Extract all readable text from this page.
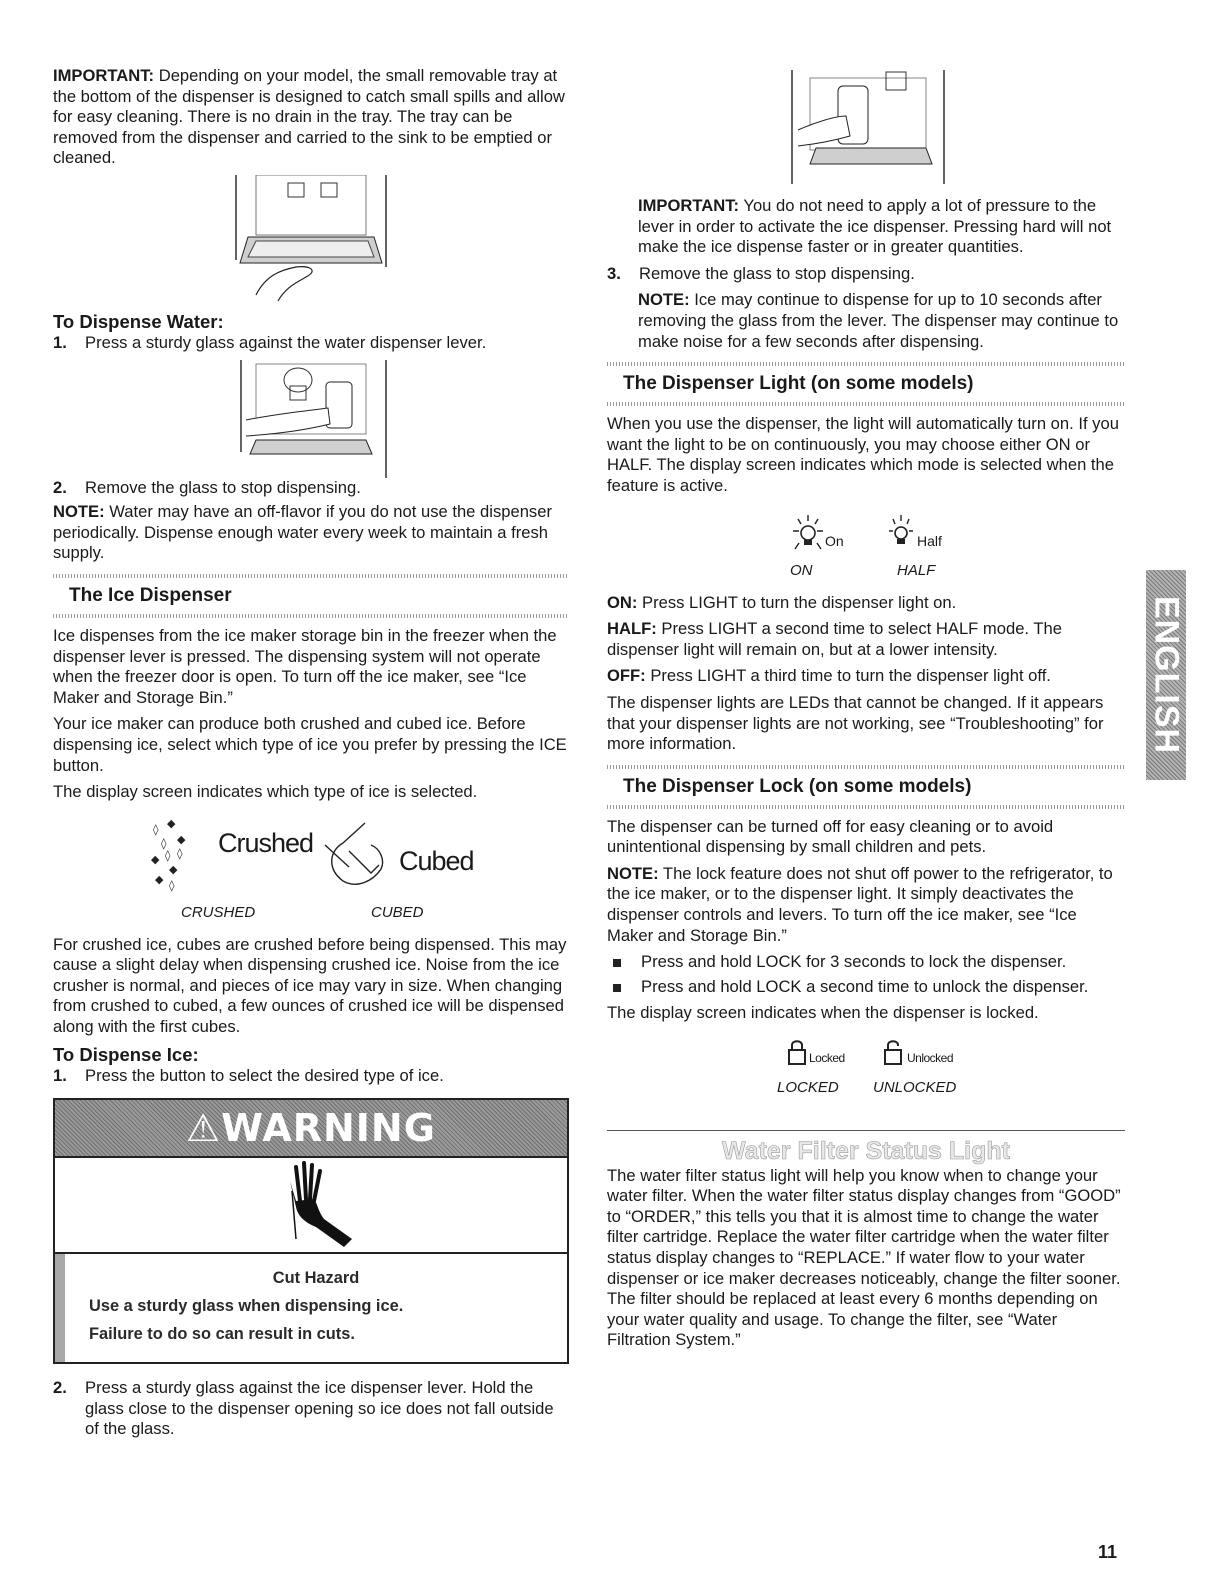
IMPORTANT: Depending on your model, the small removable tray at the bottom of the dispenser is designed to catch small spills and allow for easy cleaning. There is no drain in the tray. The tray can be removed from the dispenser and carried to the sink to be emptied or cleaned.

To Dispense Water:

1.	Press a sturdy glass against the water dispenser lever.
2.	Remove the glass to stop dispensing.

NOTE: Water may have an off-flavor if you do not use the dispenser periodically. Dispense enough water every week to maintain a fresh supply.

The Ice Dispenser

Ice dispenses from the ice maker storage bin in the freezer when the dispenser lever is pressed. The dispensing system will not operate when the freezer door is open. To turn off the ice maker, see “Ice Maker and Storage Bin.”

Your ice maker can produce both crushed and cubed ice. Before dispensing ice, select which type of ice you prefer by pressing the ICE button.

The display screen indicates which type of ice is selected.

◊ ◆
◊ ◆
◆ ◊ ◊
◆
◆ ◊
Crushed
Cubed
CRUSHED	CUBED

For crushed ice, cubes are crushed before being dispensed. This may cause a slight delay when dispensing crushed ice. Noise from the ice crusher is normal, and pieces of ice may vary in size. When changing from crushed to cubed, a few ounces of crushed ice will be dispensed along with the first cubes.

To Dispense Ice:

1.	Press the button to select the desired type of ice.
⚠WARNING

Cut Hazard

Use a sturdy glass when dispensing ice.

Failure to do so can result in cuts.

2.	Press a sturdy glass against the ice dispenser lever. Hold the glass close to the dispenser opening so ice does not fall outside of the glass.

IMPORTANT: You do not need to apply a lot of pressure to the lever in order to activate the ice dispenser. Pressing hard will not make the ice dispense faster or in greater quantities.

3.	Remove the glass to stop dispensing.

NOTE: Ice may continue to dispense for up to 10 seconds after removing the glass from the lever. The dispenser may continue to make noise for a few seconds after dispensing.

The Dispenser Light (on some models)

When you use the dispenser, the light will automatically turn on. If you want the light to be on continuously, you may choose either ON or HALF. The display screen indicates which mode is selected when the feature is active.

On	Half
ON	HALF

ON: Press LIGHT to turn the dispenser light on.

HALF: Press LIGHT a second time to select HALF mode. The dispenser light will remain on, but at a lower intensity.

OFF: Press LIGHT a third time to turn the dispenser light off.

The dispenser lights are LEDs that cannot be changed. If it appears that your dispenser lights are not working, see “Troubleshooting” for more information.

The Dispenser Lock (on some models)

The dispenser can be turned off for easy cleaning or to avoid unintentional dispensing by small children and pets.

NOTE: The lock feature does not shut off power to the refrigerator, to the ice maker, or to the dispenser light. It simply deactivates the dispenser controls and levers. To turn off the ice maker, see “Ice Maker and Storage Bin.”

Press and hold LOCK for 3 seconds to lock the dispenser.
Press and hold LOCK a second time to unlock the dispenser.

The display screen indicates when the dispenser is locked.

Locked	Unlocked
LOCKED UNLOCKED
Water Filter Status Light

The water filter status light will help you know when to change your water filter. When the water filter status display changes from “GOOD” to “ORDER,” this tells you that it is almost time to change the water filter cartridge. Replace the water filter cartridge when the water filter status display changes to “REPLACE.” If water flow to your water dispenser or ice maker decreases noticeably, change the filter sooner. The filter should be replaced at least every 6 months depending on your water quality and usage. To change the filter, see “Water Filtration System.”

ENGLISH
11
